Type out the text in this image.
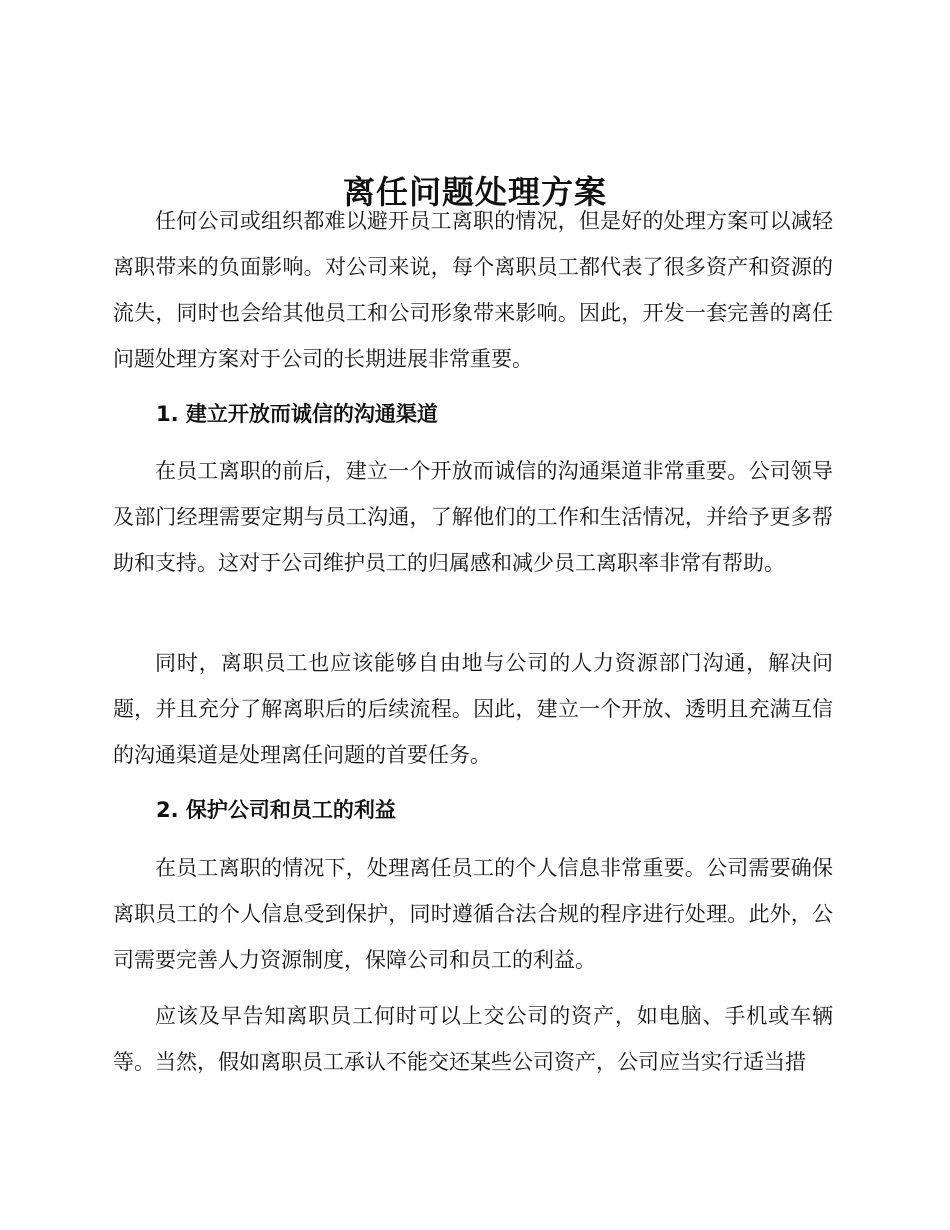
离任问题处理方案

任何公司或组织都难以避开员工离职的情况，但是好的处理方案可以减轻离职带来的负面影响。对公司来说，每个离职员工都代表了很多资产和资源的流失，同时也会给其他员工和公司形象带来影响。因此，开发一套完善的离任问题处理方案对于公司的长期进展非常重要。

1. 建立开放而诚信的沟通渠道

在员工离职的前后，建立一个开放而诚信的沟通渠道非常重要。公司领导及部门经理需要定期与员工沟通，了解他们的工作和生活情况，并给予更多帮助和支持。这对于公司维护员工的归属感和减少员工离职率非常有帮助。

同时，离职员工也应该能够自由地与公司的人力资源部门沟通，解决问题，并且充分了解离职后的后续流程。因此，建立一个开放、透明且充满互信的沟通渠道是处理离任问题的首要任务。

2. 保护公司和员工的利益

在员工离职的情况下，处理离任员工的个人信息非常重要。公司需要确保离职员工的个人信息受到保护，同时遵循合法合规的程序进行处理。此外，公司需要完善人力资源制度，保障公司和员工的利益。

应该及早告知离职员工何时可以上交公司的资产，如电脑、手机或车辆等。当然，假如离职员工承认不能交还某些公司资产，公司应当实行适当措
